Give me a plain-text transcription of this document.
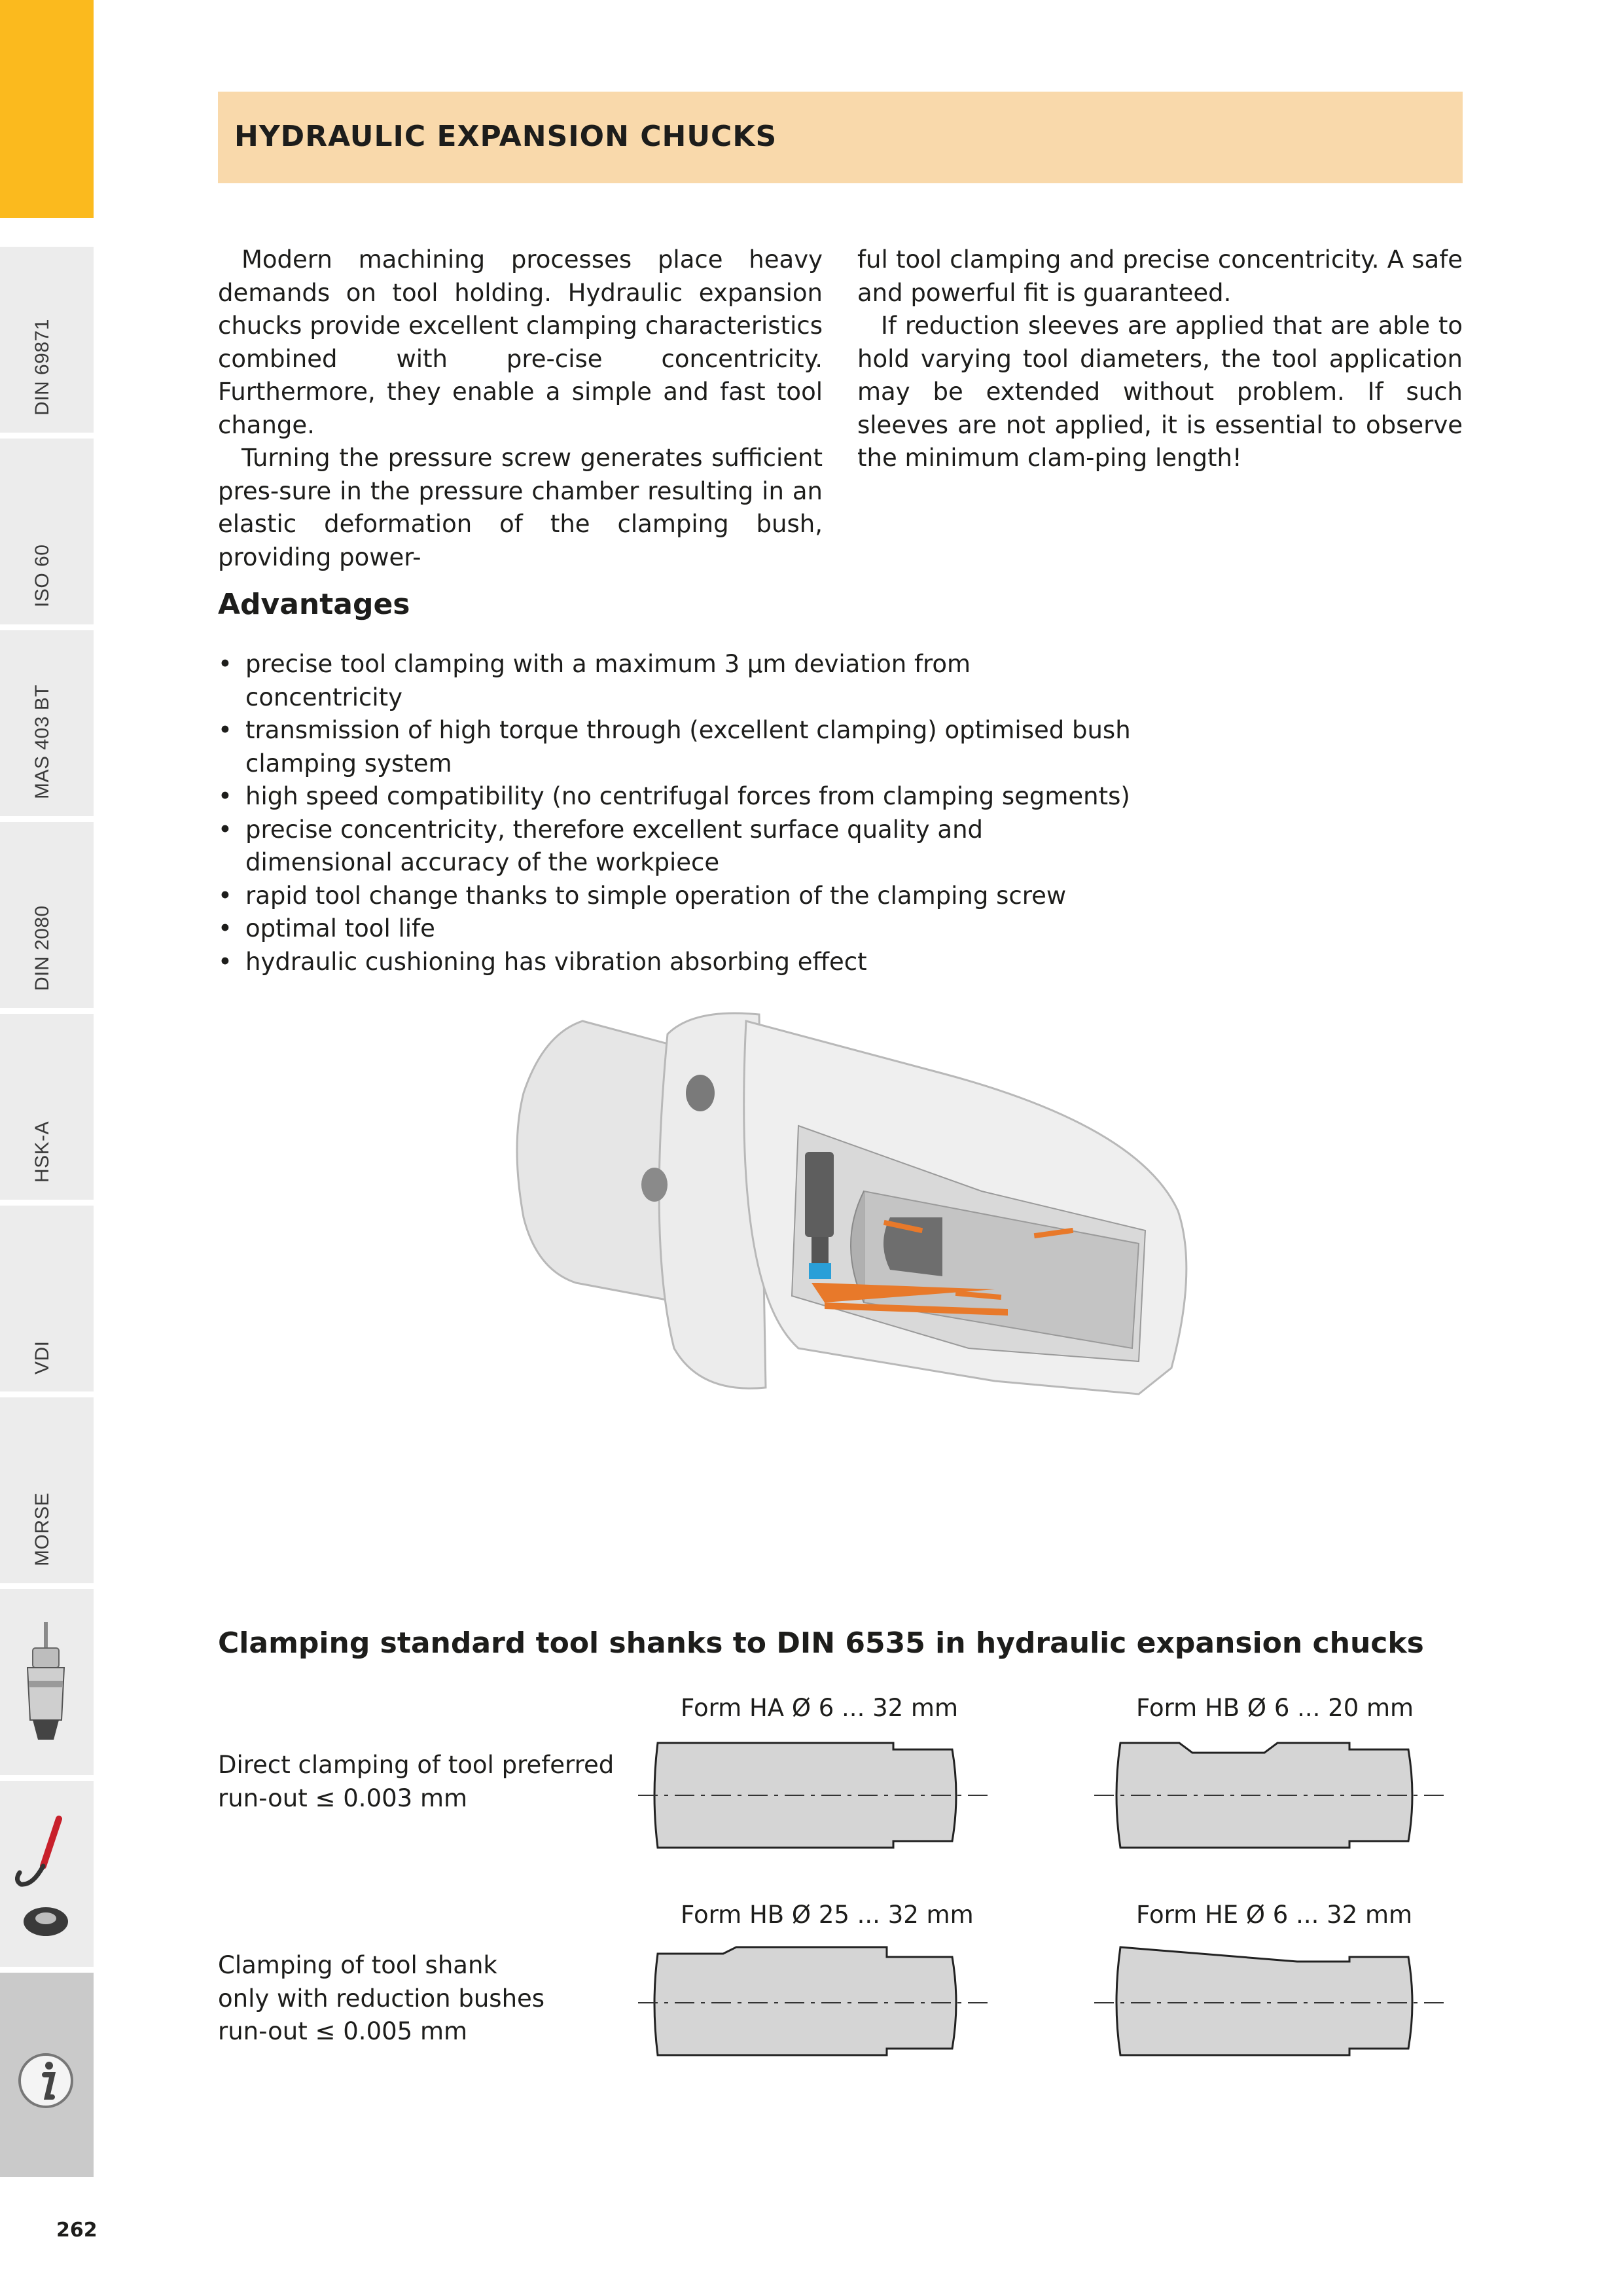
DIN 69871
ISO 60
MAS 403 BT
DIN 2080
HSK-A
VDI
MORSE
HYDRAULIC EXPANSION CHUCKS

Modern machining processes place heavy demands on tool holding. Hydraulic expansion chucks provide excellent clamping characteristics combined with pre-cise concentricity. Furthermore, they enable a simple and fast tool change.

Turning the pressure screw generates sufficient pres-sure in the pressure chamber resulting in an elastic deformation of the clamping bush, providing power-

ful tool clamping and precise concentricity. A safe and powerful fit is guaranteed.

If reduction sleeves are applied that are able to hold varying tool diameters, the tool application may be extended without problem. If such sleeves are not applied, it is essential to observe the minimum clam-ping length!

Advantages
• precise tool clamping with a maximum 3 µm deviation from concentricity
• transmission of high torque through (excellent clamping) optimised bush clamping system
• high speed compatibility (no centrifugal forces from clamping segments)
• precise concentricity, therefore excellent surface quality and dimensional accuracy of the workpiece
• rapid tool change thanks to simple operation of the clamping screw
• optimal tool life
• hydraulic cushioning has vibration absorbing effect
Clamping standard tool shanks to DIN 6535 in hydraulic expansion chucks
Form HA Ø 6 ... 32 mm	Form HB Ø 6 ... 20 mm
Direct clamping of tool preferred
run-out ≤ 0.003 mm
Form HB Ø 25 ... 32 mm	Form HE Ø 6 ... 32 mm
Clamping of tool shank
only with reduction bushes
run-out ≤ 0.005 mm
262
